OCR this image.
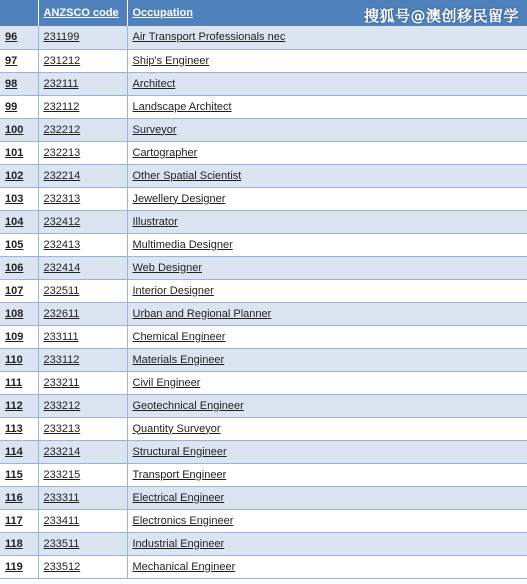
	ANZSCO code	Occupation
96	231199	Air Transport Professionals nec
97	231212	Ship's Engineer
98	232111	Architect
99	232112	Landscape Architect
100	232212	Surveyor
101	232213	Cartographer
102	232214	Other Spatial Scientist
103	232313	Jewellery Designer
104	232412	Illustrator
105	232413	Multimedia Designer
106	232414	Web Designer
107	232511	Interior Designer
108	232611	Urban and Regional Planner
109	233111	Chemical Engineer
110	233112	Materials Engineer
111	233211	Civil Engineer
112	233212	Geotechnical Engineer
113	233213	Quantity Surveyor
114	233214	Structural Engineer
115	233215	Transport Engineer
116	233311	Electrical Engineer
117	233411	Electronics Engineer
118	233511	Industrial Engineer
119	233512	Mechanical Engineer
搜狐号@澳创移民留学
